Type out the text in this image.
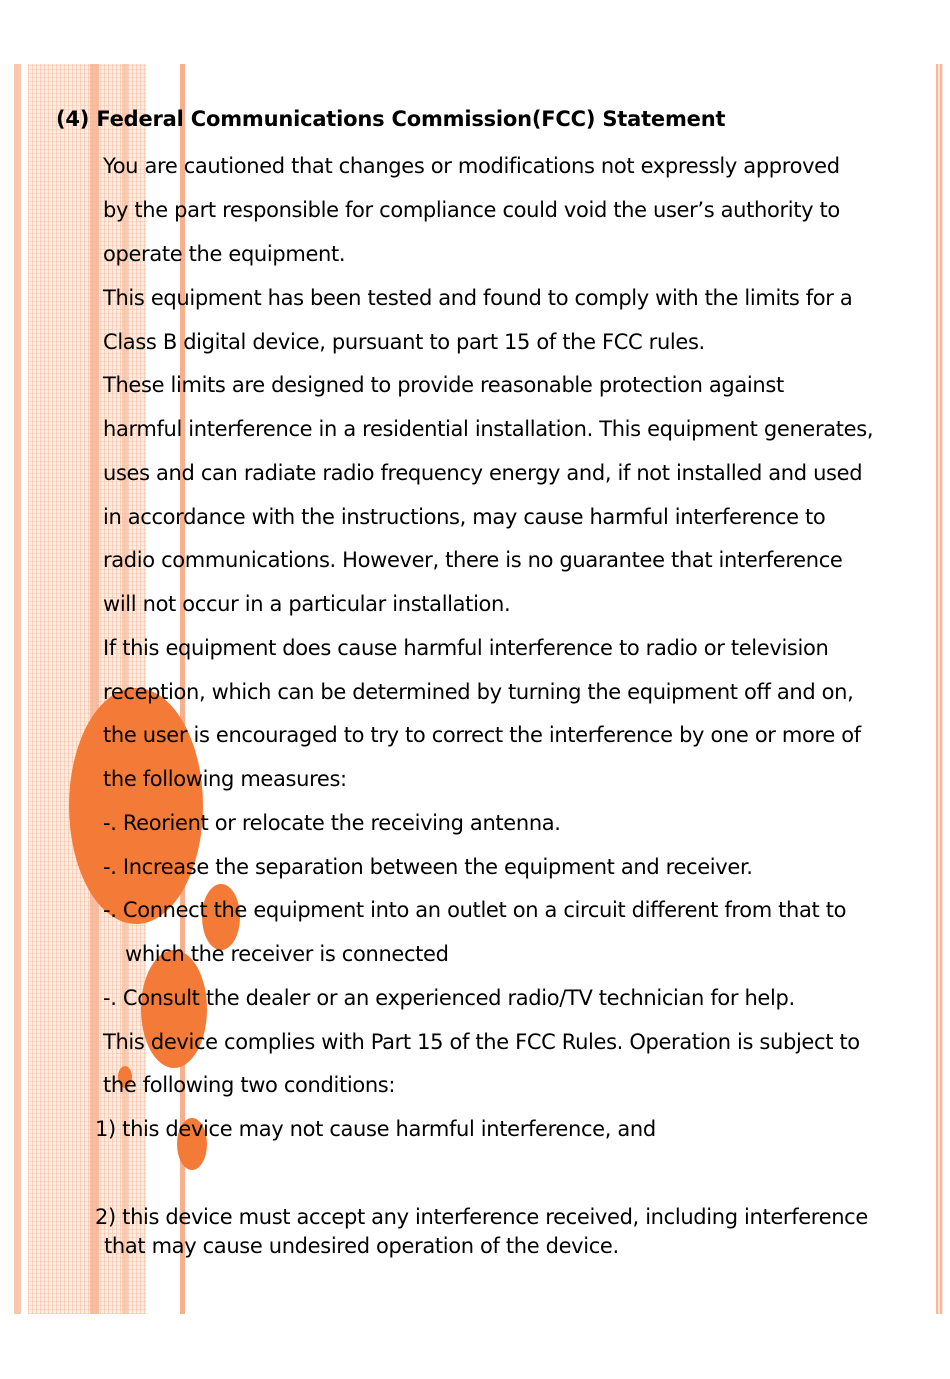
(4) Federal Communications Commission(FCC) Statement
You are cautioned that changes or modifications not expressly approved
by the part responsible for compliance could void the user’s authority to
operate the equipment.
This equipment has been tested and found to comply with the limits for a
Class B digital device, pursuant to part 15 of the FCC rules.
These limits are designed to provide reasonable protection against
harmful interference in a residential installation. This equipment generates,
uses and can radiate radio frequency energy and, if not installed and used
in accordance with the instructions, may cause harmful interference to
radio communications. However, there is no guarantee that interference
will not occur in a particular installation.
If this equipment does cause harmful interference to radio or television
reception, which can be determined by turning the equipment off and on,
the user is encouraged to try to correct the interference by one or more of
the following measures:
-. Reorient or relocate the receiving antenna.
-. Increase the separation between the equipment and receiver.
-. Connect the equipment into an outlet on a circuit different from that to
which the receiver is connected
-. Consult the dealer or an experienced radio/TV technician for help.
This device complies with Part 15 of the FCC Rules. Operation is subject to
the following two conditions:
1) this device may not cause harmful interference, and
2) this device must accept any interference received, including interference
that may cause undesired operation of the device.
